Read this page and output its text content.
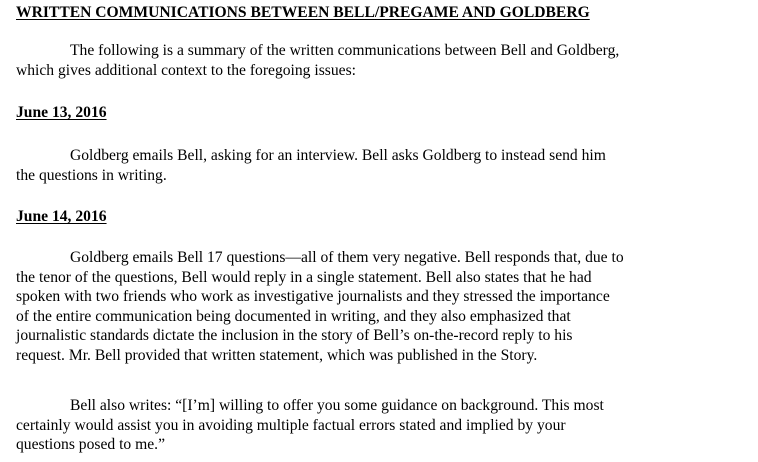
WRITTEN COMMUNICATIONS BETWEEN BELL/PREGAME AND GOLDBERG
The following is a summary of the written communications between Bell and Goldberg,
which gives additional context to the foregoing issues:
June 13, 2016
Goldberg emails Bell, asking for an interview. Bell asks Goldberg to instead send him
the questions in writing.
June 14, 2016
Goldberg emails Bell 17 questions—all of them very negative. Bell responds that, due to
the tenor of the questions, Bell would reply in a single statement. Bell also states that he had
spoken with two friends who work as investigative journalists and they stressed the importance
of the entire communication being documented in writing, and they also emphasized that
journalistic standards dictate the inclusion in the story of Bell’s on-the-record reply to his
request. Mr. Bell provided that written statement, which was published in the Story.
Bell also writes: “[I’m] willing to offer you some guidance on background. This most
certainly would assist you in avoiding multiple factual errors stated and implied by your
questions posed to me.”
